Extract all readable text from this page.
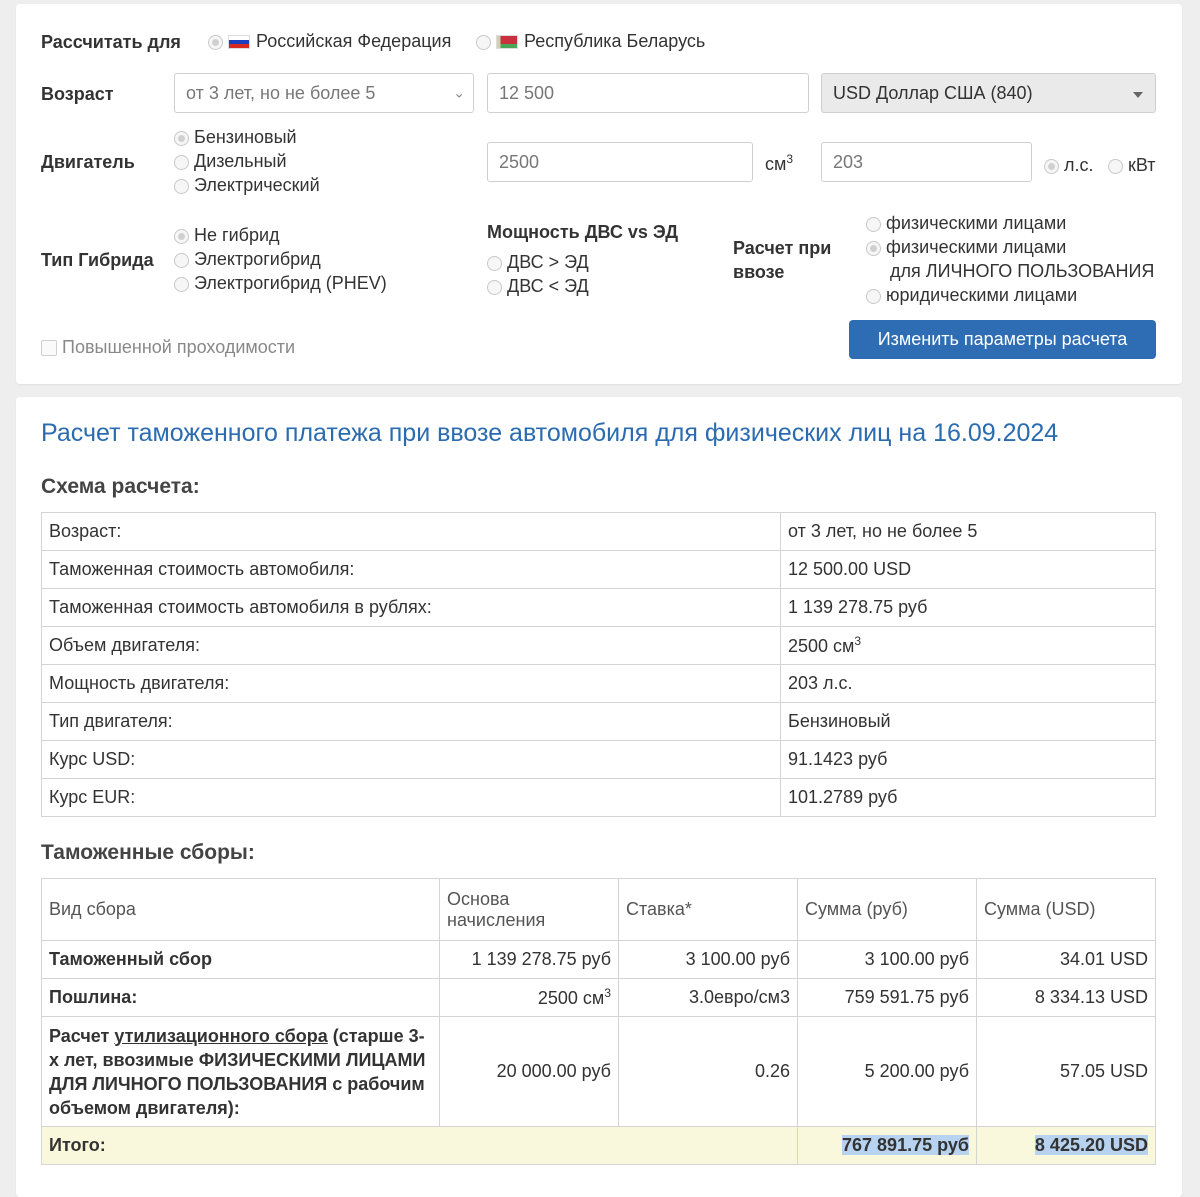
Рассчитать для	Российская Федерация	Республика Беларусь
Возраст	от 3 лет, но не более 5	⌄ 12 500	USD Доллар США (840)
Двигатель
Бензиновый
Дизельный
Электрический
2500	$см^3$ 203	л.с.	кВт
Тип Гибрида
Не гибрид
Электрогибрид
Электрогибрид (PHEV)
Мощность ДВС vs ЭД
ДВС > ЭД
ДВС < ЭД
Расчет при
ввозе
физическими лицами
физическими лицами
для ЛИЧНОГО ПОЛЬЗОВАНИЯ
юридическими лицами
Повышенной проходимости	Изменить параметры расчета
Расчет таможенного платежа при ввозе автомобиля для физических лиц на 16.09.2024
Схема расчета:
Возраст:	от 3 лет, но не более 5
Таможенная стоимость автомобиля:	12 500.00 USD
Таможенная стоимость автомобиля в рублях:	1 139 278.75 руб
Объем двигателя:	2500 $см^3$
Мощность двигателя:	203 л.с.
Тип двигателя:	Бензиновый
Курс USD:	91.1423 руб
Курс EUR:	101.2789 руб
Таможенные сборы:
Вид сбора	Основа начисления	Ставка*	Сумма (руб)	Сумма (USD)
Таможенный сбор	1 139 278.75 руб	3 100.00 руб	3 100.00 руб	34.01 USD
Пошлина:	2500 $см^3$	3.0евро/см3	759 591.75 руб	8 334.13 USD
Расчет утилизационного сбора (старше 3-х лет, ввозимые ФИЗИЧЕСКИМИ ЛИЦАМИ ДЛЯ ЛИЧНОГО ПОЛЬЗОВАНИЯ с рабочим объемом двигателя):	20 000.00 руб	0.26	5 200.00 руб	57.05 USD
Итого:			767 891.75 руб	8 425.20 USD
